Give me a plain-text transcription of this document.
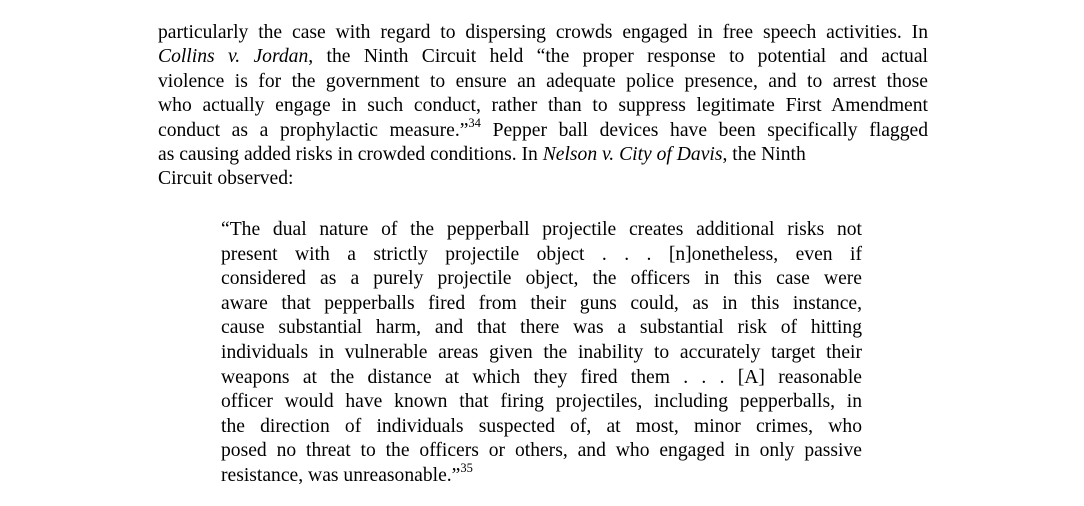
particularly the case with regard to dispersing crowds engaged in free speech activities. In
Collins v. Jordan, the Ninth Circuit held “the proper response to potential and actual
violence is for the government to ensure an adequate police presence, and to arrest those
who actually engage in such conduct, rather than to suppress legitimate First Amendment
conduct as a prophylactic measure.”$^{34}$ Pepper ball devices have been specifically flagged
as causing added risks in crowded conditions. In Nelson v. City of Davis, the Ninth
Circuit observed:
“The dual nature of the pepperball projectile creates additional risks not
present with a strictly projectile object . . . [n]onetheless, even if
considered as a purely projectile object, the officers in this case were
aware that pepperballs fired from their guns could, as in this instance,
cause substantial harm, and that there was a substantial risk of hitting
individuals in vulnerable areas given the inability to accurately target their
weapons at the distance at which they fired them . . . [A] reasonable
officer would have known that firing projectiles, including pepperballs, in
the direction of individuals suspected of, at most, minor crimes, who
posed no threat to the officers or others, and who engaged in only passive
resistance, was unreasonable.”$^{35}$
